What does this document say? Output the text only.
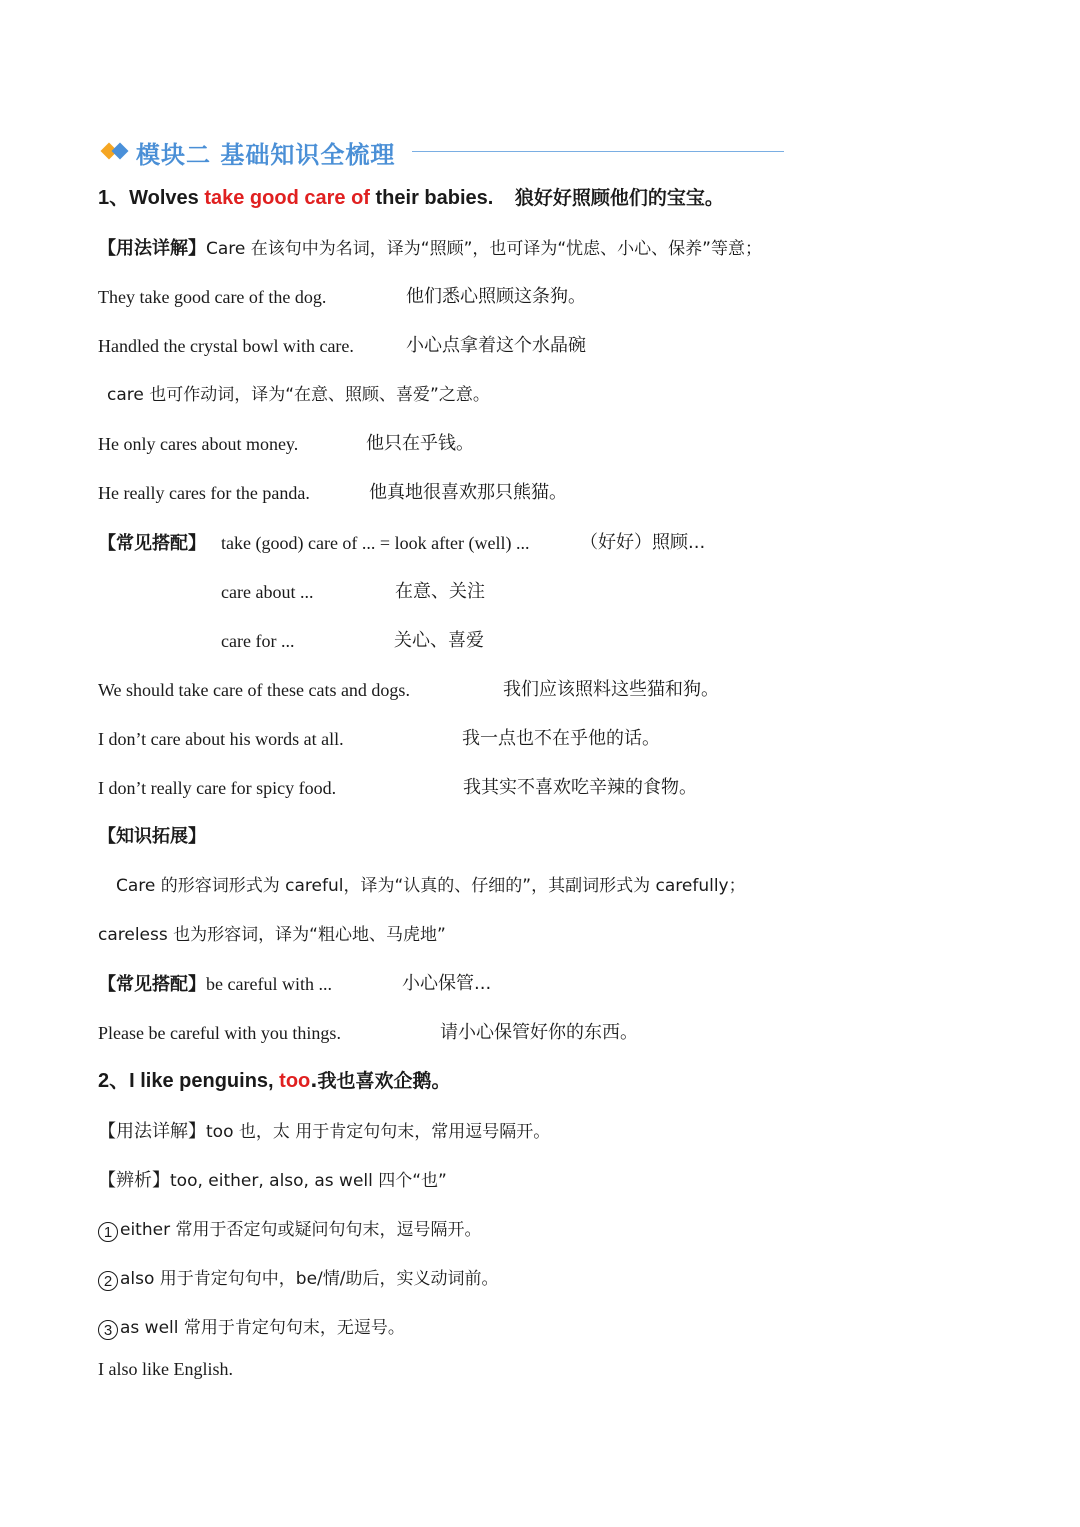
模块二 基础知识全梳理
1、Wolves take good care of their babies. 狼好好照顾他们的宝宝。
【用法详解】Care 在该句中为名词，译为“照顾”，也可译为“忧虑、小心、保养”等意；
They take good care of the dog.	他们悉心照顾这条狗。
Handled the crystal bowl with care.	小心点拿着这个水晶碗
care 也可作动词，译为“在意、照顾、喜爱”之意。
He only cares about money.	他只在乎钱。
He really cares for the panda.	他真地很喜欢那只熊猫。
【常见搭配】 take (good) care of ... = look after (well) ...	（好好）照顾...
care about ...	在意、关注
care for ...	关心、喜爱
We should take care of these cats and dogs.	我们应该照料这些猫和狗。
I don’t care about his words at all.	我一点也不在乎他的话。
I don’t really care for spicy food.	我其实不喜欢吃辛辣的食物。
【知识拓展】
Care 的形容词形式为 careful，译为“认真的、仔细的”，其副词形式为 carefully；
careless 也为形容词，译为“粗心地、马虎地”
【常见搭配】be careful with ...	小心保管...
Please be careful with you things.	请小心保管好你的东西。
2、I like penguins, too.我也喜欢企鹅。
【用法详解】too 也，太 用于肯定句句末，常用逗号隔开。
【辨析】too, either, also, as well 四个“也”
1 either 常用于否定句或疑问句句末，逗号隔开。
2 also 用于肯定句句中，be/情/助后，实义动词前。
3 as well 常用于肯定句句末，无逗号。
I also like English.
